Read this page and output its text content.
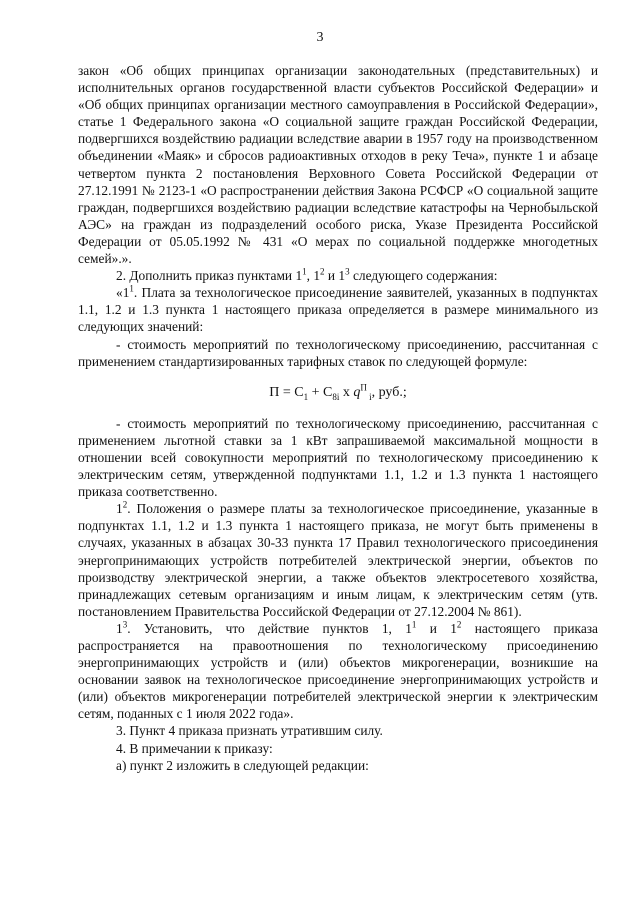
3

закон «Об общих принципах организации законодательных (представительных) и исполнительных органов государственной власти субъектов Российской Федерации» и «Об общих принципах организации местного самоуправления в Российской Федерации», статье 1 Федерального закона «О социальной защите граждан Российской Федерации, подвергшихся воздействию радиации вследствие аварии в 1957 году на производственном объединении «Маяк» и сбросов радиоактивных отходов в реку Теча», пункте 1 и абзаце четвертом пункта 2 постановления Верховного Совета Российской Федерации от 27.12.1991 № 2123-1 «О распространении действия Закона РСФСР «О социальной защите граждан, подвергшихся воздействию радиации вследствие катастрофы на Чернобыльской АЭС» на граждан из подразделений особого риска, Указе Президента Российской Федерации от 05.05.1992 № 431 «О мерах по социальной поддержке многодетных семей».».

2. Дополнить приказ пунктами $1^1$, $1^2$ и $1^3$ следующего содержания:

«$1^1$. Плата за технологическое присоединение заявителей, указанных в подпунктах 1.1, 1.2 и 1.3 пункта 1 настоящего приказа определяется в размере минимального из следующих значений:

- стоимость мероприятий по технологическому присоединению, рассчитанная с применением стандартизированных тарифных ставок по следующей формуле:

$П = С_1 + С_{8i}$ х $q^П$ $_i$, руб.;

- стоимость мероприятий по технологическому присоединению, рассчитанная с применением льготной ставки за 1 кВт запрашиваемой максимальной мощности в отношении всей совокупности мероприятий по технологическому присоединению к электрическим сетям, утвержденной подпунктами 1.1, 1.2 и 1.3 пункта 1 настоящего приказа соответственно.

$1^2$. Положения о размере платы за технологическое присоединение, указанные в подпунктах 1.1, 1.2 и 1.3 пункта 1 настоящего приказа, не могут быть применены в случаях, указанных в абзацах 30-33 пункта 17 Правил технологического присоединения энергопринимающих устройств потребителей электрической энергии, объектов по производству электрической энергии, а также объектов электросетевого хозяйства, принадлежащих сетевым организациям и иным лицам, к электрическим сетям (утв. постановлением Правительства Российской Федерации от 27.12.2004 № 861).

$1^3$. Установить, что действие пунктов 1, $1^1$ и $1^2$ настоящего приказа распространяется на правоотношения по технологическому присоединению энергопринимающих устройств и (или) объектов микрогенерации, возникшие на основании заявок на технологическое присоединение энергопринимающих устройств и (или) объектов микрогенерации потребителей электрической энергии к электрическим сетям, поданных с 1 июля 2022 года».

3. Пункт 4 приказа признать утратившим силу.

4. В примечании к приказу:

а) пункт 2 изложить в следующей редакции:
